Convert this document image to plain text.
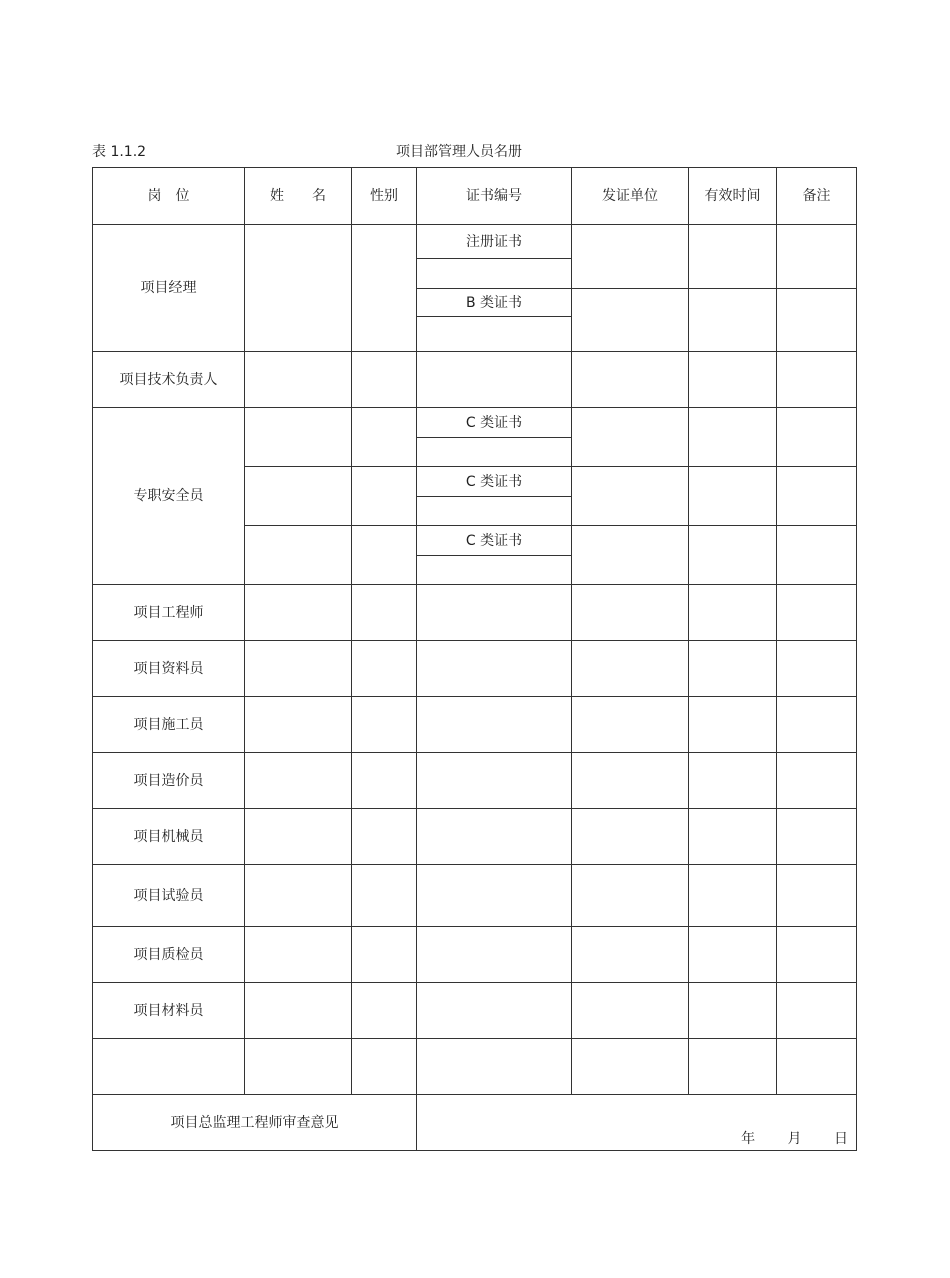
表 1.1.2	项目部管理人员名册
岗　位	姓　　名	性别	证书编号	发证单位	有效时间	备注
项目经理			注册证书			

			B 类证书			

项目技术负责人						
专职安全员			C 类证书			

			C 类证书			

			C 类证书			

项目工程师						
项目资料员						
项目施工员						
项目造价员						
项目机械员						
项目试验员						
项目质检员						
项目材料员						

项目总监理工程师审查意见			年 月 日			
